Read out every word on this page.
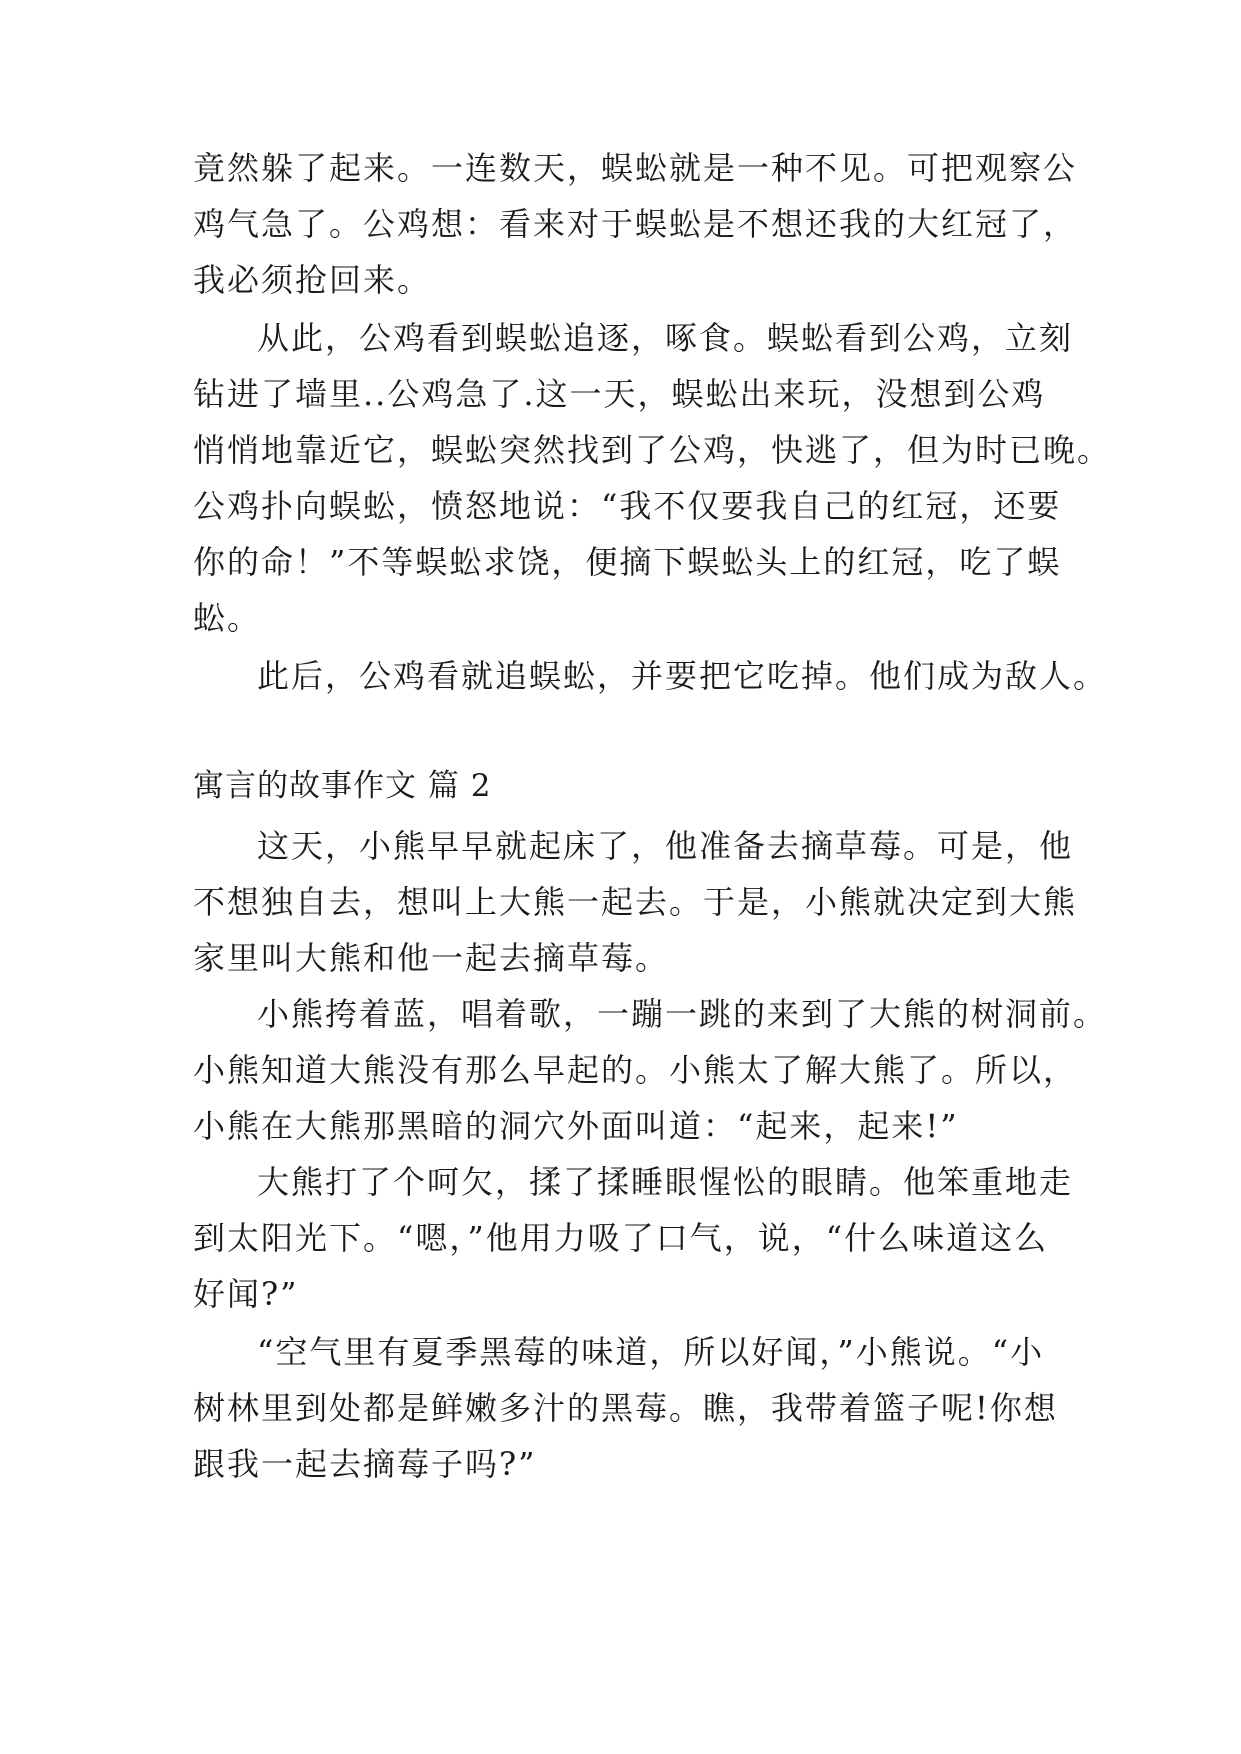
竟然躲了起来。一连数天，蜈蚣就是一种不见。可把观察公
鸡气急了。公鸡想：看来对于蜈蚣是不想还我的大红冠了，
我必须抢回来。
从此，公鸡看到蜈蚣追逐，啄食。蜈蚣看到公鸡，立刻
钻进了墙里..公鸡急了.这一天，蜈蚣出来玩，没想到公鸡
悄悄地靠近它，蜈蚣突然找到了公鸡，快逃了，但为时已晚。
公鸡扑向蜈蚣，愤怒地说：“我不仅要我自己的红冠，还要
你的命！”不等蜈蚣求饶，便摘下蜈蚣头上的红冠，吃了蜈
蚣。
此后，公鸡看就追蜈蚣，并要把它吃掉。他们成为敌人。
寓言的故事作文 篇 2
这天，小熊早早就起床了，他准备去摘草莓。可是，他
不想独自去，想叫上大熊一起去。于是，小熊就决定到大熊
家里叫大熊和他一起去摘草莓。
小熊挎着蓝，唱着歌，一蹦一跳的来到了大熊的树洞前。
小熊知道大熊没有那么早起的。小熊太了解大熊了。所以，
小熊在大熊那黑暗的洞穴外面叫道：“起来，起来!”
大熊打了个呵欠，揉了揉睡眼惺忪的眼睛。他笨重地走
到太阳光下。“嗯，”他用力吸了口气，说，“什么味道这么
好闻?”
“空气里有夏季黑莓的味道，所以好闻，”小熊说。“小
树林里到处都是鲜嫩多汁的黑莓。瞧，我带着篮子呢!你想
跟我一起去摘莓子吗?”
